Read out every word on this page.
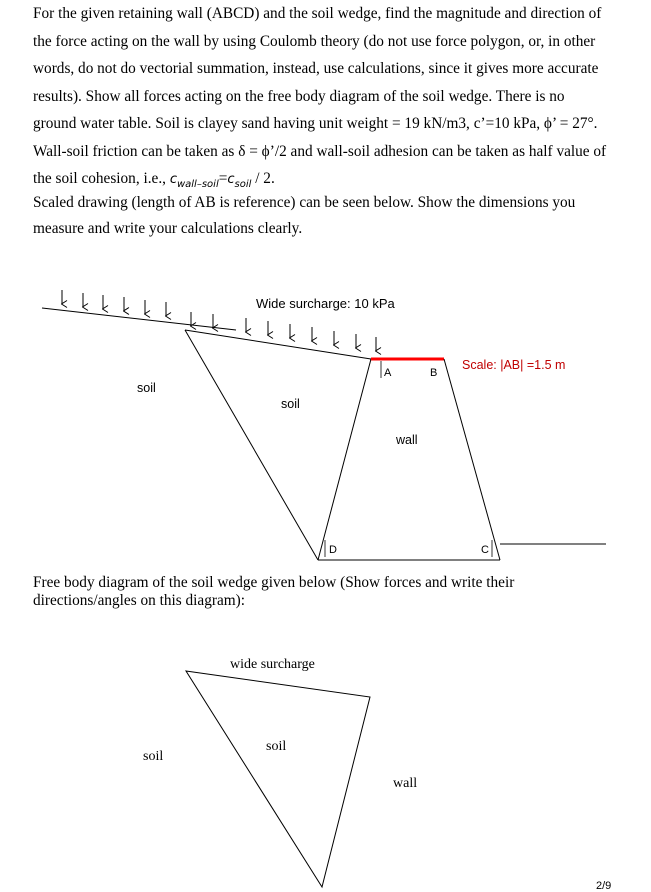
For the given retaining wall (ABCD) and the soil wedge, find the magnitude and direction of
the force acting on the wall by using Coulomb theory (do not use force polygon, or, in other
words, do not do vectorial summation, instead, use calculations, since it gives more accurate
results). Show all forces acting on the free body diagram of the soil wedge. There is no
ground water table. Soil is clayey sand having unit weight = 19 kN/m3, c’=10 kPa, ϕ’ = 27°.
Wall-soil friction can be taken as δ = ϕ’/2 and wall-soil adhesion can be taken as half value of
the soil cohesion, i.e., $c_{wall-soil}=c_{soil} / 2$.
Scaled drawing (length of AB is reference) can be seen below. Show the dimensions you
measure and write your calculations clearly.
Wide surcharge: 10 kPa
Scale: |AB| =1.5 m
soil
soil
wall
A	B
D	C
wide surcharge
soil
soil
wall
Free body diagram of the soil wedge given below (Show forces and write their
directions/angles on this diagram):
2/9
